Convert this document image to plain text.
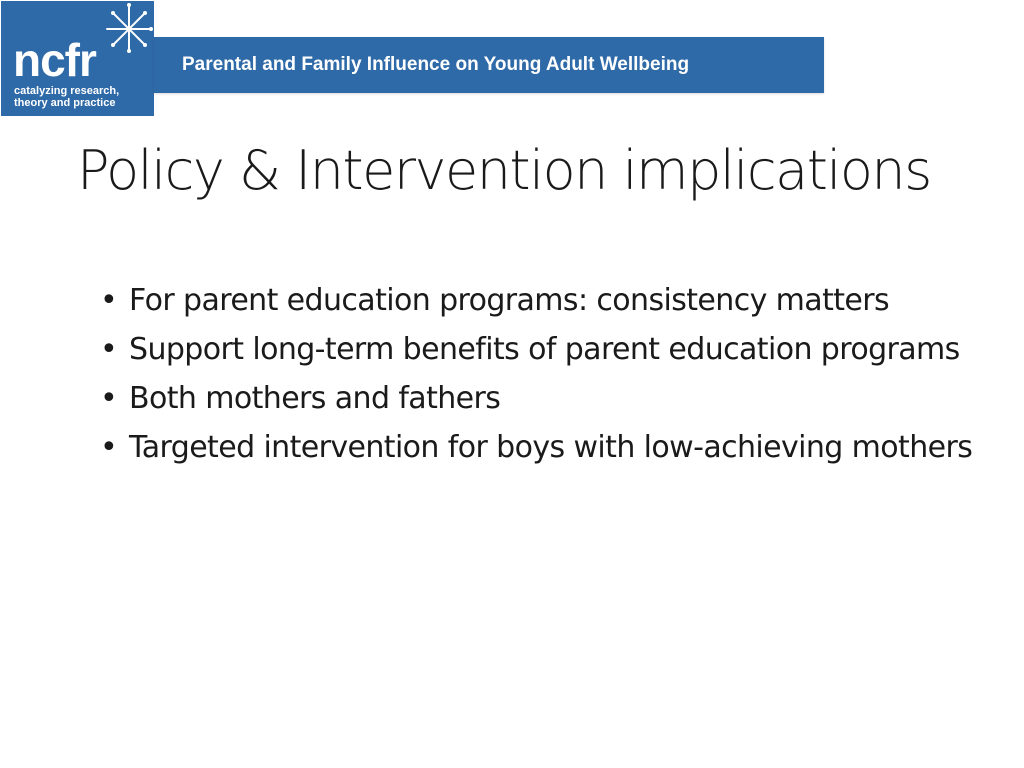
ncfr
catalyzing research, theory and practice
Parental and Family Influence on Young Adult Wellbeing
Policy & Intervention implications
• For parent education programs: consistency matters
• Support long-term benefits of parent education programs
• Both mothers and fathers
• Targeted intervention for boys with low-achieving mothers
